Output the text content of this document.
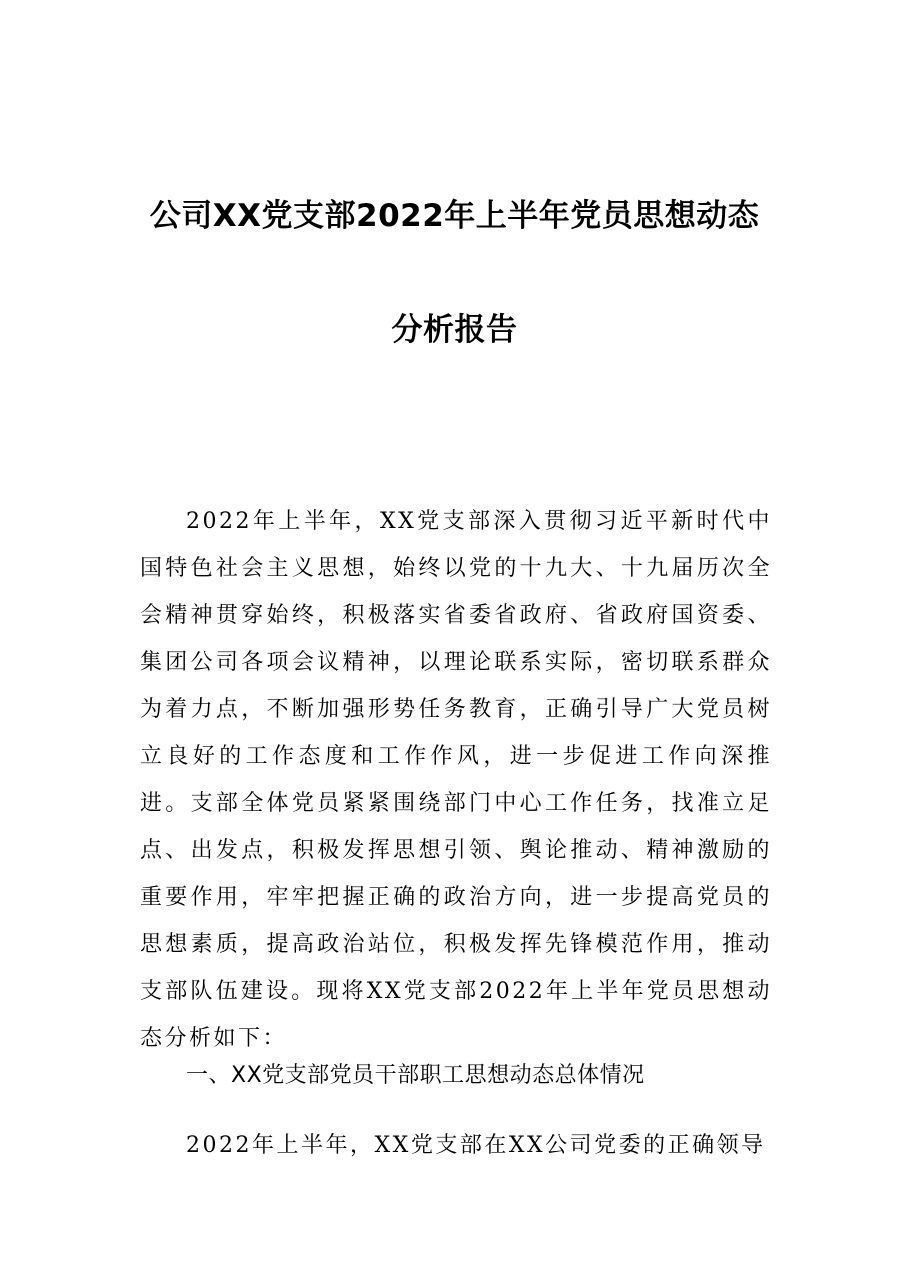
公司XX党支部2022年上半年党员思想动态
分析报告

2022年上半年，XX党支部深入贯彻习近平新时代中国特色社会主义思想，始终以党的十九大、十九届历次全会精神贯穿始终，积极落实省委省政府、省政府国资委、集团公司各项会议精神，以理论联系实际，密切联系群众为着力点，不断加强形势任务教育，正确引导广大党员树立良好的工作态度和工作作风，进一步促进工作向深推进。支部全体党员紧紧围绕部门中心工作任务，找准立足点、出发点，积极发挥思想引领、舆论推动、精神激励的重要作用，牢牢把握正确的政治方向，进一步提高党员的思想素质，提高政治站位，积极发挥先锋模范作用，推动支部队伍建设。现将XX党支部2022年上半年党员思想动态分析如下：

一、XX党支部党员干部职工思想动态总体情况

2022年上半年，XX党支部在XX公司党委的正确领导
